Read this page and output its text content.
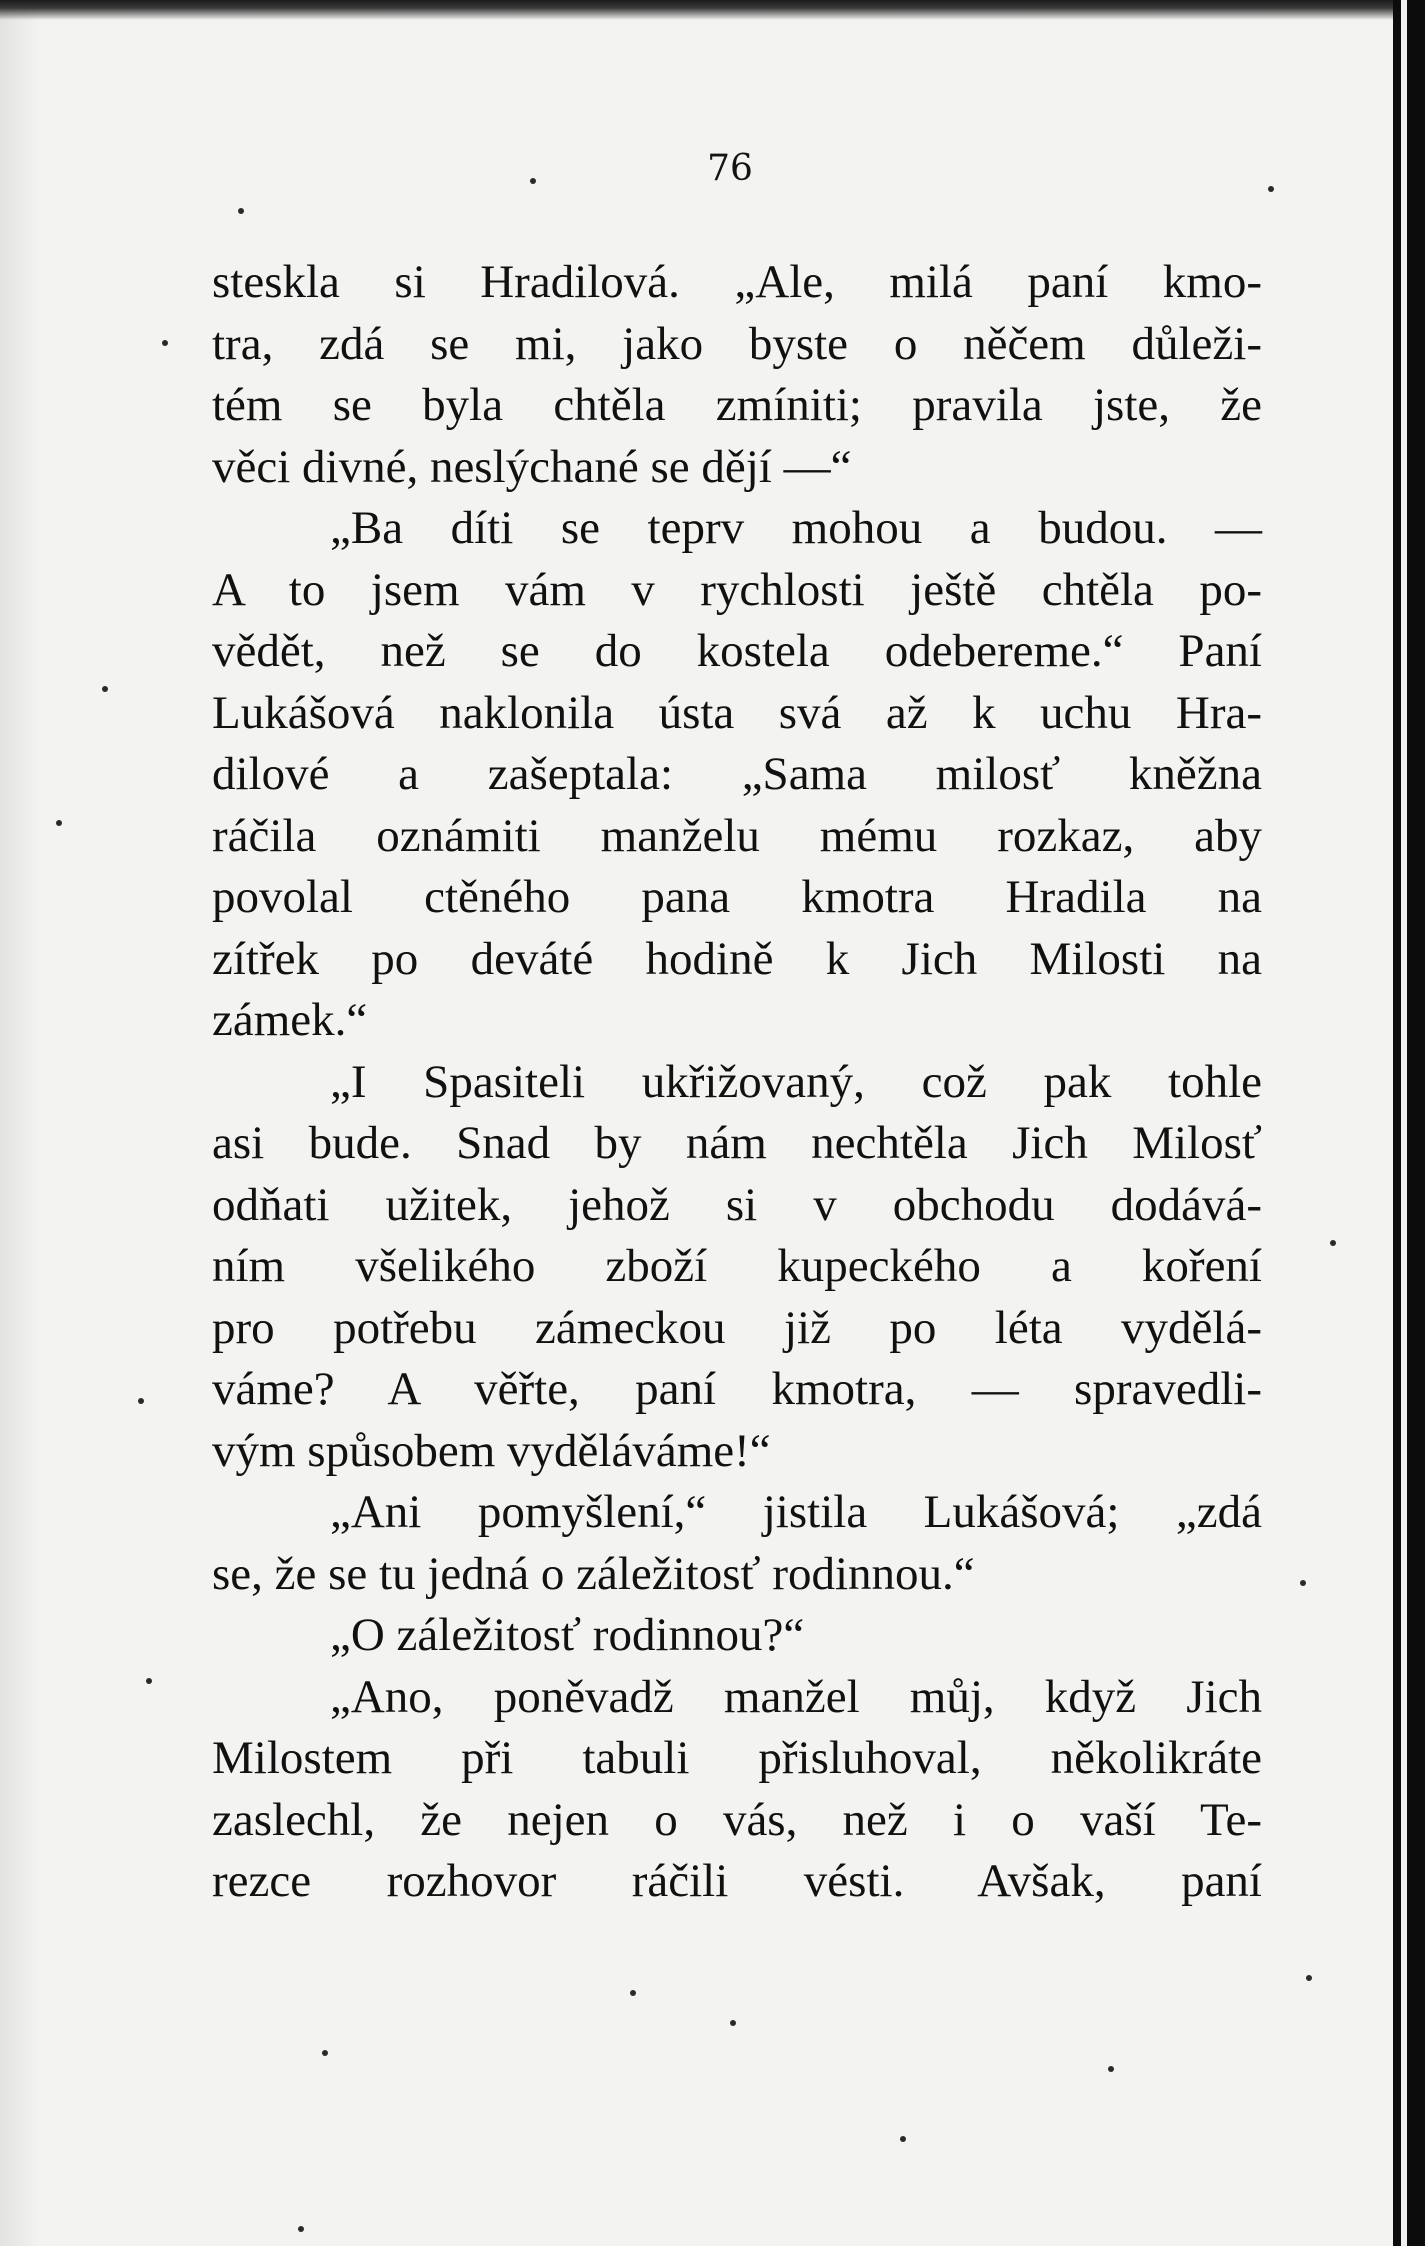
76
steskla si Hradilová. „Ale, milá paní kmo-
tra, zdá se mi, jako byste o něčem důleži-
tém se byla chtěla zmíniti; pravila jste, že
věci divné, neslýchané se dějí —“
„Ba díti se teprv mohou a budou. —
A to jsem vám v rychlosti ještě chtěla po-
vědět, než se do kostela odebereme.“ Paní
Lukášová naklonila ústa svá až k uchu Hra-
dilové a zašeptala: „Sama milosť kněžna
ráčila oznámiti manželu mému rozkaz, aby
povolal ctěného pana kmotra Hradila na
zítřek po deváté hodině k Jich Milosti na
zámek.“
„I Spasiteli ukřižovaný, což pak tohle
asi bude. Snad by nám nechtěla Jich Milosť
odňati užitek, jehož si v obchodu dodává-
ním všelikého zboží kupeckého a koření
pro potřebu zámeckou již po léta vydělá-
váme? A věřte, paní kmotra, — spravedli-
vým spůsobem vyděláváme!“
„Ani pomyšlení,“ jistila Lukášová; „zdá
se, že se tu jedná o záležitosť rodinnou.“
„O záležitosť rodinnou?“
„Ano, poněvadž manžel můj, když Jich
Milostem při tabuli přisluhoval, několikráte
zaslechl, že nejen o vás, než i o vaší Te-
rezce rozhovor ráčili vésti. Avšak, paní
